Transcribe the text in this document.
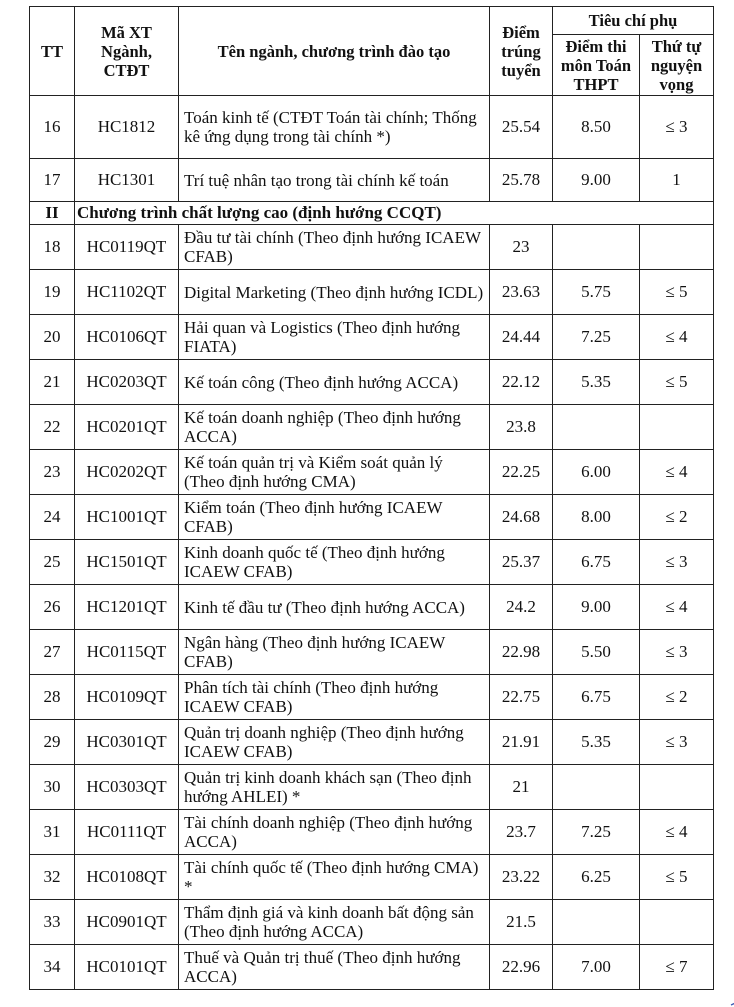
TT	Mã XT Ngành, CTĐT	Tên ngành, chương trình đào tạo	Điểm trúng tuyển	Tiêu chí phụ	
				Điểm thi môn Toán THPT	Thứ tự nguyện vọng
16	HC1812	Toán kinh tế (CTĐT Toán tài chính; Thống kê ứng dụng trong tài chính *)	25.54	8.50	≤ 3
17	HC1301	Trí tuệ nhân tạo trong tài chính kế toán	25.78	9.00	1
II	Chương trình chất lượng cao (định hướng CCQT)				
18	HC0119QT	Đầu tư tài chính (Theo định hướng ICAEW CFAB)	23		
19	HC1102QT	Digital Marketing (Theo định hướng ICDL)	23.63	5.75	≤ 5
20	HC0106QT	Hải quan và Logistics (Theo định hướng FIATA)	24.44	7.25	≤ 4
21	HC0203QT	Kế toán công (Theo định hướng ACCA)	22.12	5.35	≤ 5
22	HC0201QT	Kế toán doanh nghiệp (Theo định hướng ACCA)	23.8		
23	HC0202QT	Kế toán quản trị và Kiểm soát quản lý (Theo định hướng CMA)	22.25	6.00	≤ 4
24	HC1001QT	Kiểm toán (Theo định hướng ICAEW CFAB)	24.68	8.00	≤ 2
25	HC1501QT	Kinh doanh quốc tế (Theo định hướng ICAEW CFAB)	25.37	6.75	≤ 3
26	HC1201QT	Kinh tế đầu tư (Theo định hướng ACCA)	24.2	9.00	≤ 4
27	HC0115QT	Ngân hàng (Theo định hướng ICAEW CFAB)	22.98	5.50	≤ 3
28	HC0109QT	Phân tích tài chính (Theo định hướng ICAEW CFAB)	22.75	6.75	≤ 2
29	HC0301QT	Quản trị doanh nghiệp (Theo định hướng ICAEW CFAB)	21.91	5.35	≤ 3
30	HC0303QT	Quản trị kinh doanh khách sạn (Theo định hướng AHLEI) *	21		
31	HC0111QT	Tài chính doanh nghiệp (Theo định hướng ACCA)	23.7	7.25	≤ 4
32	HC0108QT	Tài chính quốc tế (Theo định hướng CMA) *	23.22	6.25	≤ 5
33	HC0901QT	Thẩm định giá và kinh doanh bất động sản (Theo định hướng ACCA)	21.5		
34	HC0101QT	Thuế và Quản trị thuế (Theo định hướng ACCA)	22.96	7.00	≤ 7
